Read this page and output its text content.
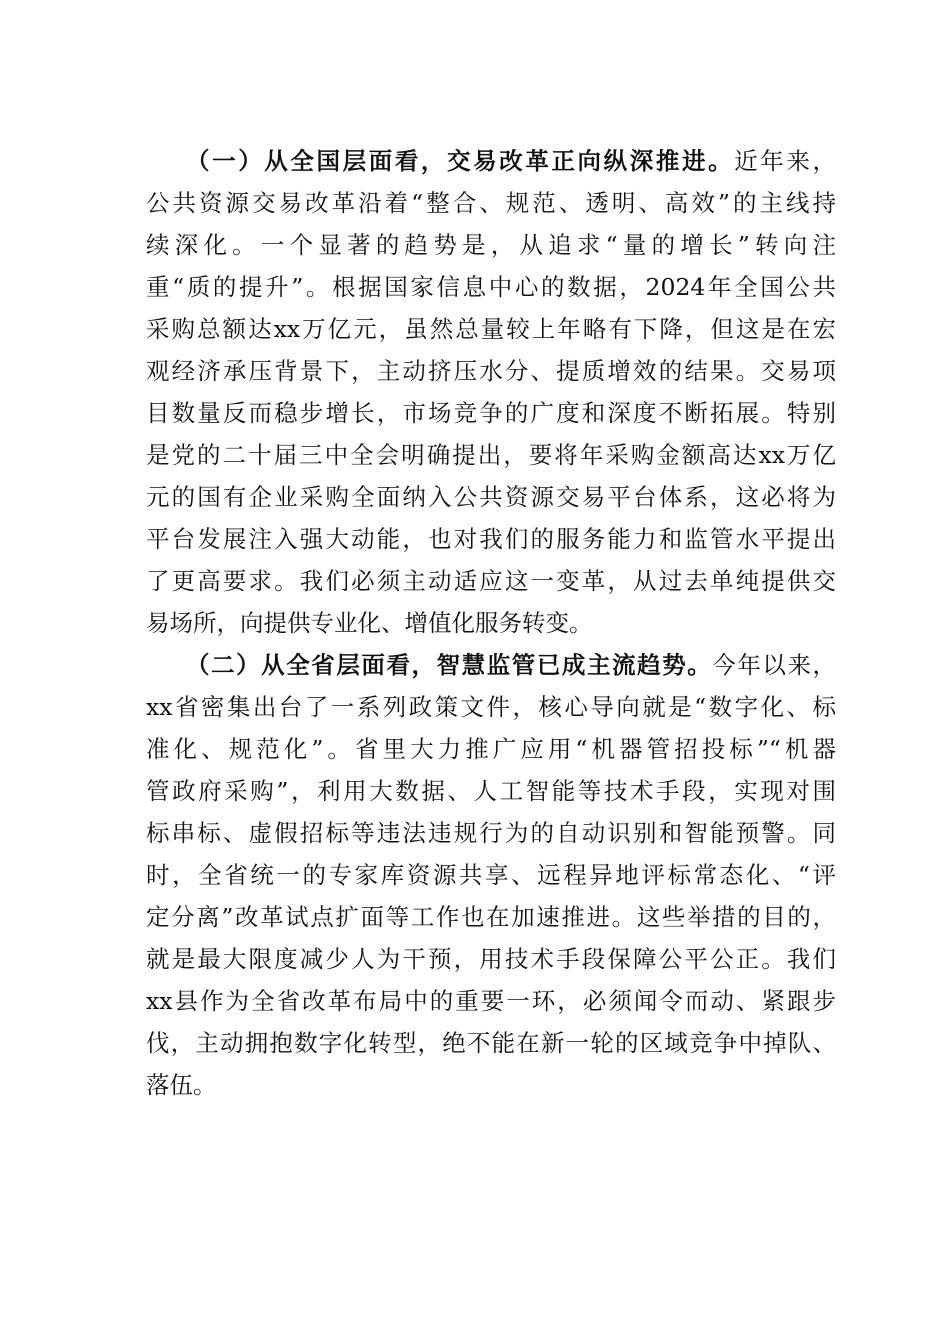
（一）从全国层面看，交易改革正向纵深推进。近年来，
公共资源交易改革沿着“整合、规范、透明、高效”的主线持
续深化。一个显著的趋势是，从追求“量的增长”转向注
重“质的提升”。根据国家信息中心的数据，2024年全国公共
采购总额达xx万亿元，虽然总量较上年略有下降，但这是在宏
观经济承压背景下，主动挤压水分、提质增效的结果。交易项
目数量反而稳步增长，市场竞争的广度和深度不断拓展。特别
是党的二十届三中全会明确提出，要将年采购金额高达xx万亿
元的国有企业采购全面纳入公共资源交易平台体系，这必将为
平台发展注入强大动能，也对我们的服务能力和监管水平提出
了更高要求。我们必须主动适应这一变革，从过去单纯提供交
易场所，向提供专业化、增值化服务转变。
（二）从全省层面看，智慧监管已成主流趋势。今年以来，
xx省密集出台了一系列政策文件，核心导向就是“数字化、标
准化、规范化”。省里大力推广应用“机器管招投标”“机器
管政府采购”，利用大数据、人工智能等技术手段，实现对围
标串标、虚假招标等违法违规行为的自动识别和智能预警。同
时，全省统一的专家库资源共享、远程异地评标常态化、“评
定分离”改革试点扩面等工作也在加速推进。这些举措的目的，
就是最大限度减少人为干预，用技术手段保障公平公正。我们
xx县作为全省改革布局中的重要一环，必须闻令而动、紧跟步
伐，主动拥抱数字化转型，绝不能在新一轮的区域竞争中掉队、
落伍。
